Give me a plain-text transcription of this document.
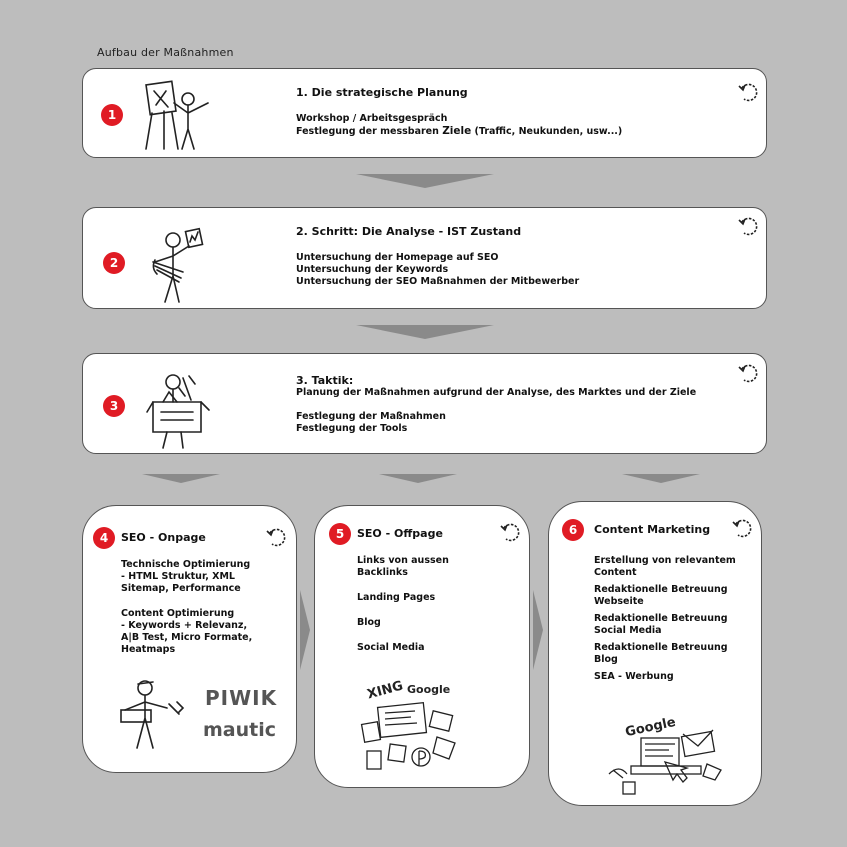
Aufbau der Maßnahmen
1
1. Die strategische Planung
Workshop / Arbeitsgespräch
Festlegung der messbaren Ziele (Traffic, Neukunden, usw...)
2
2. Schritt: Die Analyse - IST Zustand
Untersuchung der Homepage auf SEO
Untersuchung der Keywords
Untersuchung der SEO Maßnahmen der Mitbewerber
3
3. Taktik:
Planung der Maßnahmen aufgrund der Analyse, des Marktes und der Ziele
Festlegung der Maßnahmen
Festlegung der Tools
4	SEO - Onpage
Technische Optimierung
- HTML Struktur, XML
Sitemap, Performance
Content Optimierung
- Keywords + Relevanz,
A|B Test, Micro Formate,
Heatmaps
PIWIK
mautic
5	SEO - Offpage
Links von aussen
Backlinks
Landing Pages
Blog
Social Media
XING Google
6	Content Marketing
Erstellung von relevantem
Content
Redaktionelle Betreuung
Webseite
Redaktionelle Betreuung
Social Media
Redaktionelle Betreuung
Blog
SEA - Werbung
Google
